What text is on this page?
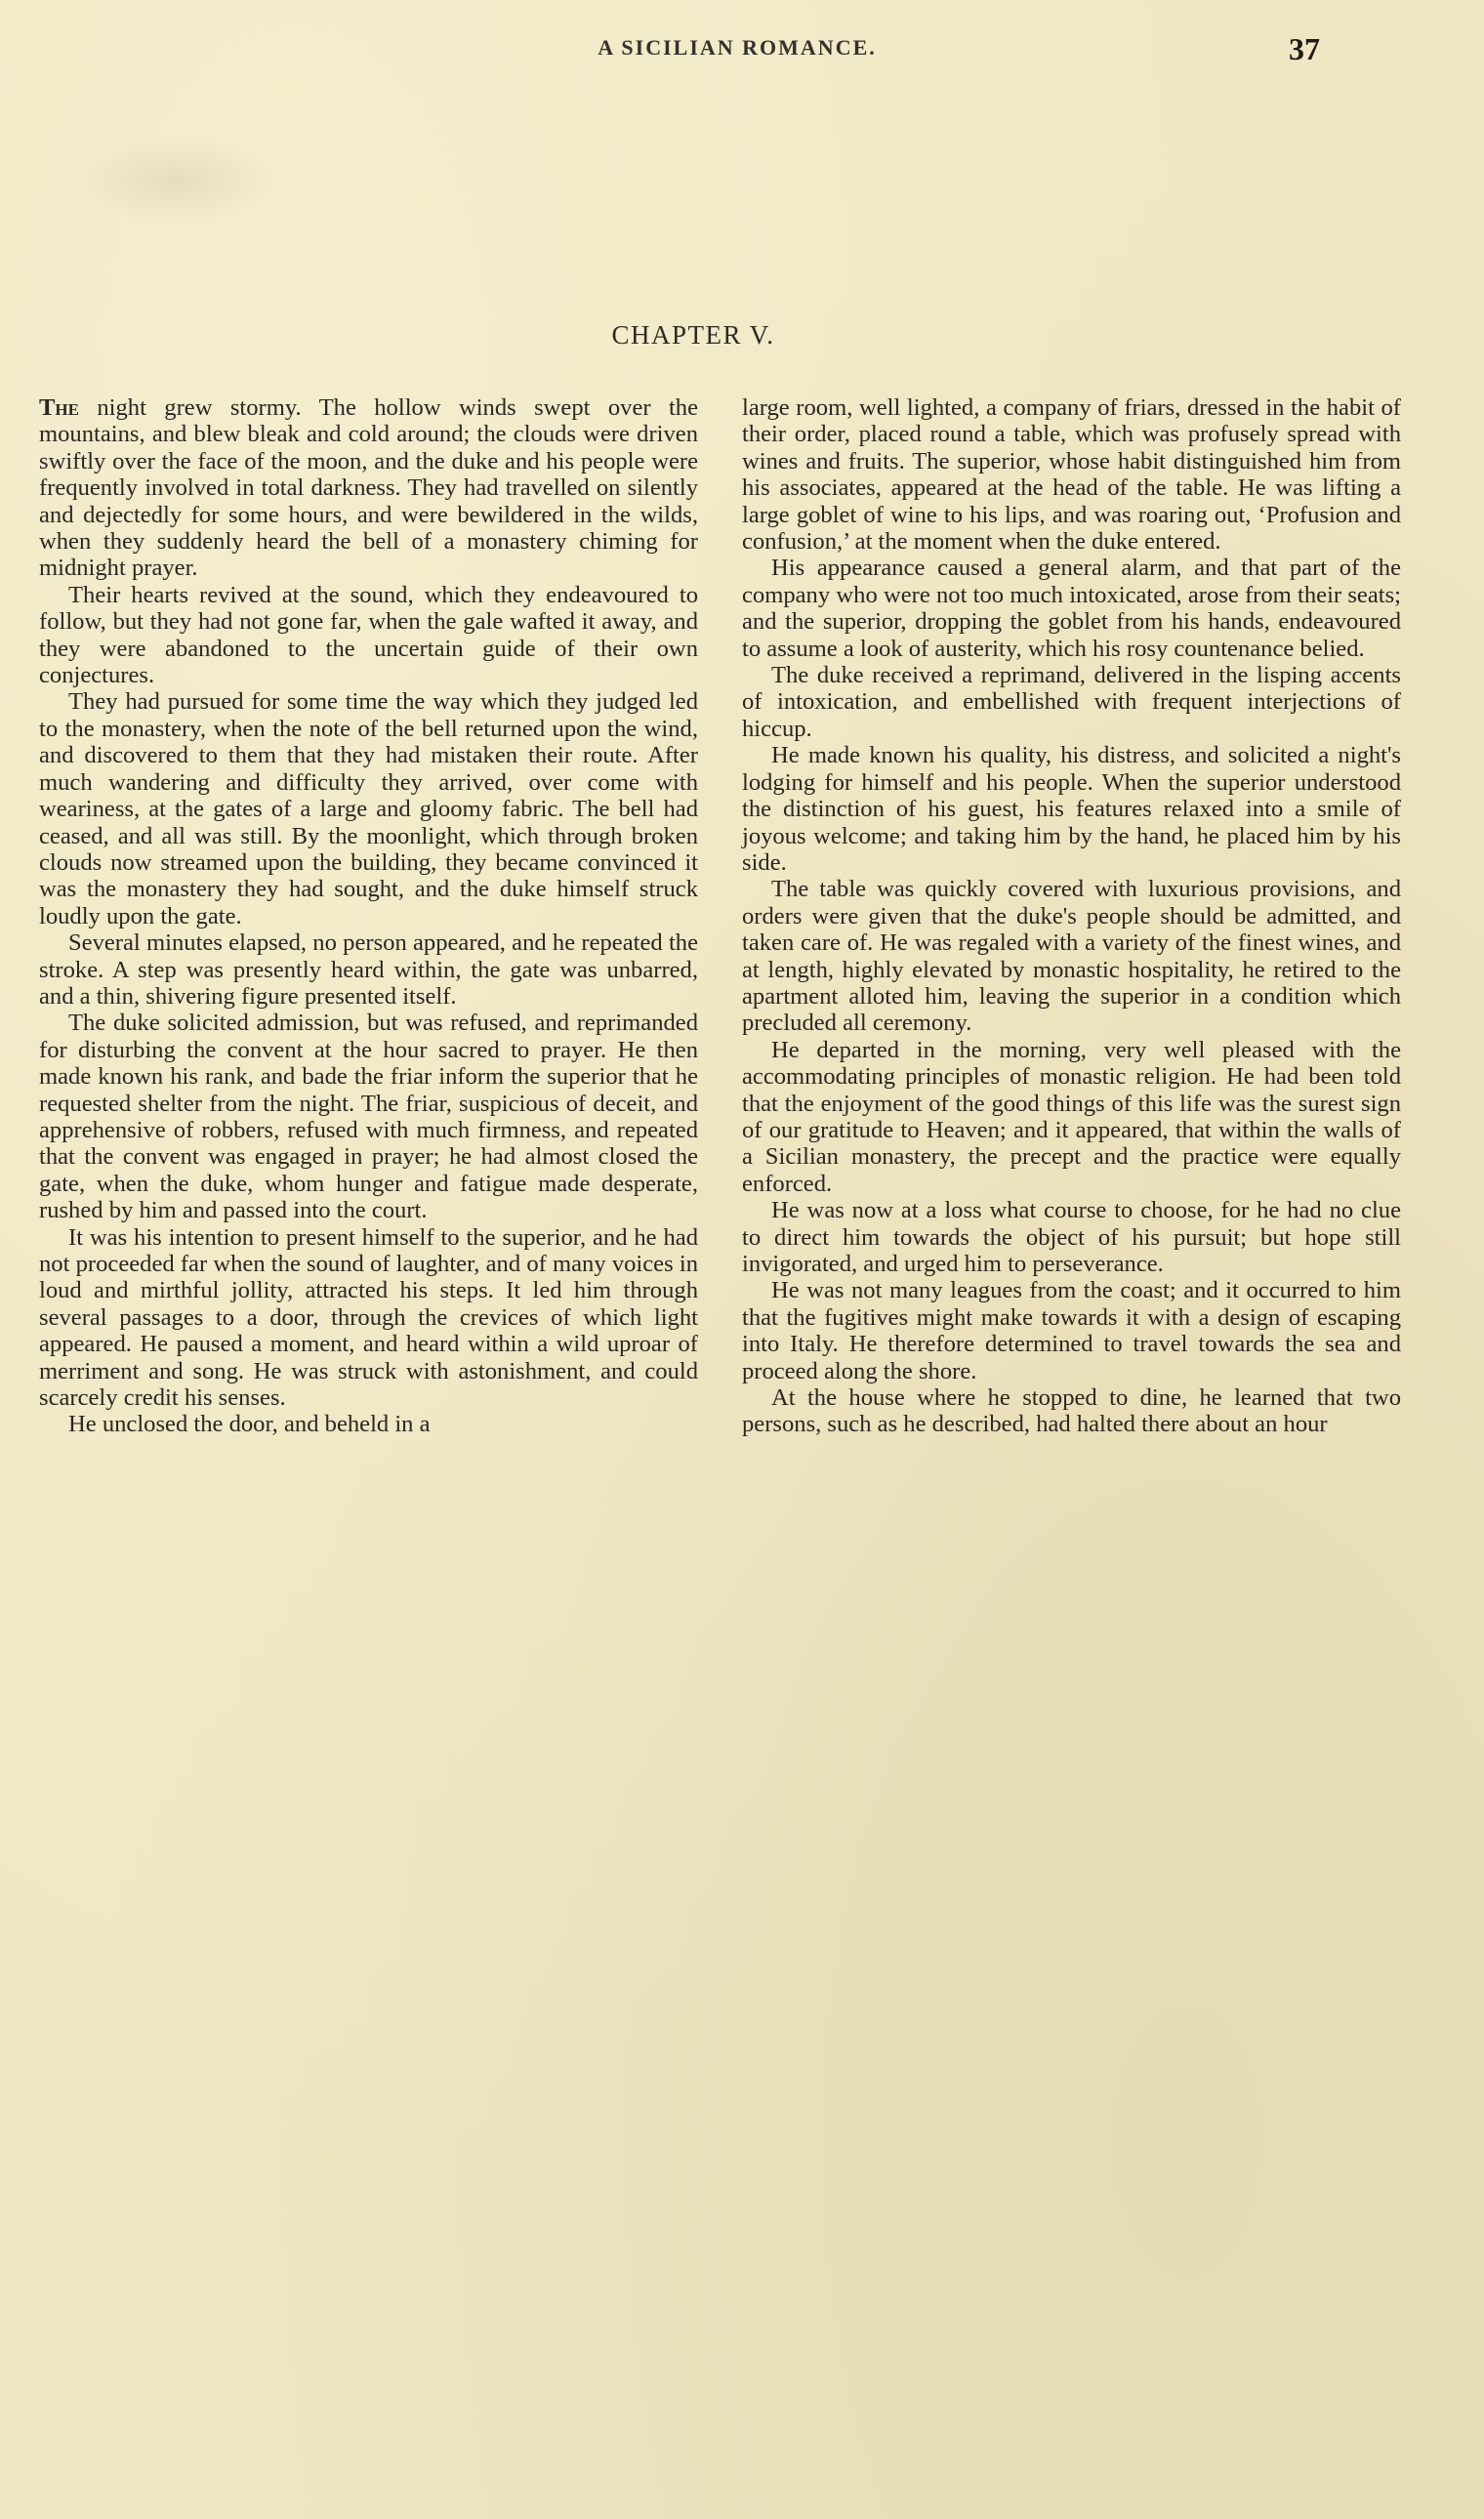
A SICILIAN ROMANCE.	37
CHAPTER V.

The night grew stormy. The hollow winds swept over the mountains, and blew bleak and cold around; the clouds were driven swiftly over the face of the moon, and the duke and his people were frequently involved in total darkness. They had travelled on silently and dejectedly for some hours, and were bewildered in the wilds, when they suddenly heard the bell of a monastery chiming for midnight prayer.

Their hearts revived at the sound, which they endeavoured to follow, but they had not gone far, when the gale wafted it away, and they were abandoned to the uncertain guide of their own conjectures.

They had pursued for some time the way which they judged led to the monastery, when the note of the bell returned upon the wind, and discovered to them that they had mistaken their route. After much wandering and difficulty they arrived, over come with weariness, at the gates of a large and gloomy fabric. The bell had ceased, and all was still. By the moonlight, which through broken clouds now streamed upon the building, they became convinced it was the monastery they had sought, and the duke himself struck loudly upon the gate.

Several minutes elapsed, no person appeared, and he repeated the stroke. A step was presently heard within, the gate was unbarred, and a thin, shivering figure presented itself.

The duke solicited admission, but was refused, and reprimanded for disturbing the convent at the hour sacred to prayer. He then made known his rank, and bade the friar inform the superior that he requested shelter from the night. The friar, suspicious of deceit, and apprehensive of robbers, refused with much firmness, and repeated that the convent was engaged in prayer; he had almost closed the gate, when the duke, whom hunger and fatigue made desperate, rushed by him and passed into the court.

It was his intention to present himself to the superior, and he had not proceeded far when the sound of laughter, and of many voices in loud and mirthful jollity, attracted his steps. It led him through several passages to a door, through the crevices of which light appeared. He paused a moment, and heard within a wild uproar of merriment and song. He was struck with astonishment, and could scarcely credit his senses.

He unclosed the door, and beheld in a

large room, well lighted, a company of friars, dressed in the habit of their order, placed round a table, which was profusely spread with wines and fruits. The superior, whose habit distinguished him from his associates, appeared at the head of the table. He was lifting a large goblet of wine to his lips, and was roaring out, ‘Profusion and confusion,’ at the moment when the duke entered.

His appearance caused a general alarm, and that part of the company who were not too much intoxicated, arose from their seats; and the superior, dropping the goblet from his hands, endeavoured to assume a look of austerity, which his rosy countenance belied.

The duke received a reprimand, delivered in the lisping accents of intoxication, and embellished with frequent interjections of hiccup.

He made known his quality, his distress, and solicited a night's lodging for himself and his people. When the superior understood the distinction of his guest, his features relaxed into a smile of joyous welcome; and taking him by the hand, he placed him by his side.

The table was quickly covered with luxurious provisions, and orders were given that the duke's people should be admitted, and taken care of. He was regaled with a variety of the finest wines, and at length, highly elevated by monastic hospitality, he retired to the apartment alloted him, leaving the superior in a condition which precluded all ceremony.

He departed in the morning, very well pleased with the accommodating principles of monastic religion. He had been told that the enjoyment of the good things of this life was the surest sign of our gratitude to Heaven; and it appeared, that within the walls of a Sicilian monastery, the precept and the practice were equally enforced.

He was now at a loss what course to choose, for he had no clue to direct him towards the object of his pursuit; but hope still invigorated, and urged him to perseverance.

He was not many leagues from the coast; and it occurred to him that the fugitives might make towards it with a design of escaping into Italy. He therefore determined to travel towards the sea and proceed along the shore.

At the house where he stopped to dine, he learned that two persons, such as he described, had halted there about an hour
